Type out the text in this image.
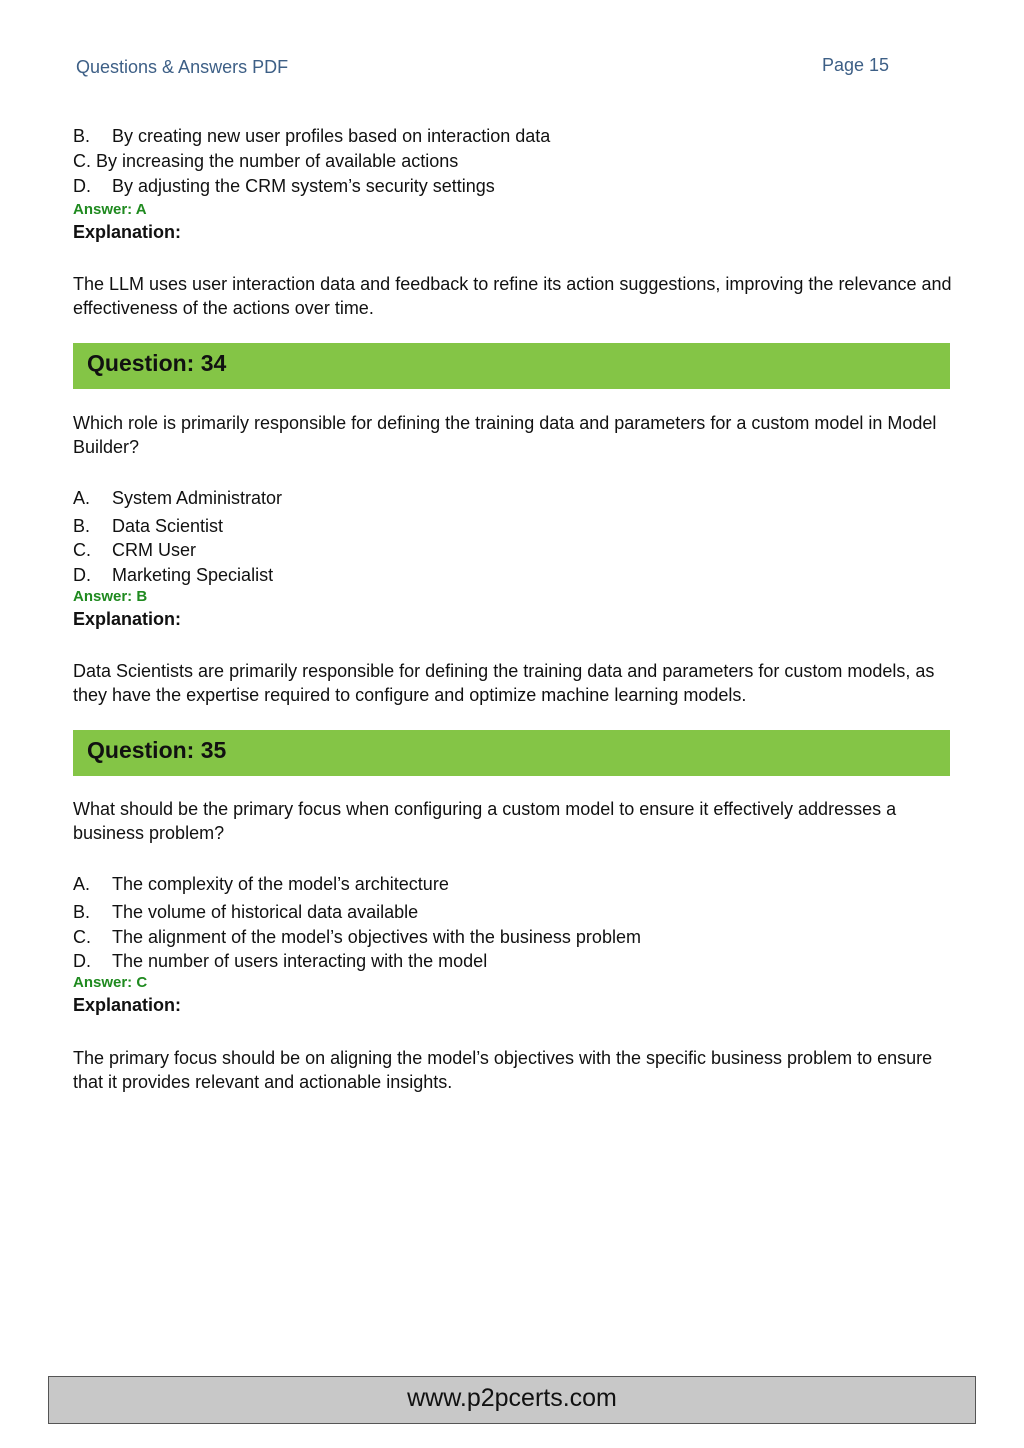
Questions & Answers PDF	Page 15
B. By creating new user profiles based on interaction data
C. By increasing the number of available actions
D. By adjusting the CRM system’s security settings
Answer: A
Explanation:
The LLM uses user interaction data and feedback to refine its action suggestions, improving the relevance and effectiveness of the actions over time.
Question: 34
Which role is primarily responsible for defining the training data and parameters for a custom model in Model Builder?
A. System Administrator
B. Data Scientist
C. CRM User
D. Marketing Specialist
Answer: B
Explanation:
Data Scientists are primarily responsible for defining the training data and parameters for custom models, as they have the expertise required to configure and optimize machine learning models.
Question: 35
What should be the primary focus when configuring a custom model to ensure it effectively addresses a business problem?
A. The complexity of the model’s architecture
B. The volume of historical data available
C. The alignment of the model’s objectives with the business problem
D. The number of users interacting with the model
Answer: C
Explanation:
The primary focus should be on aligning the model’s objectives with the specific business problem to ensure that it provides relevant and actionable insights.
www.p2pcerts.com
